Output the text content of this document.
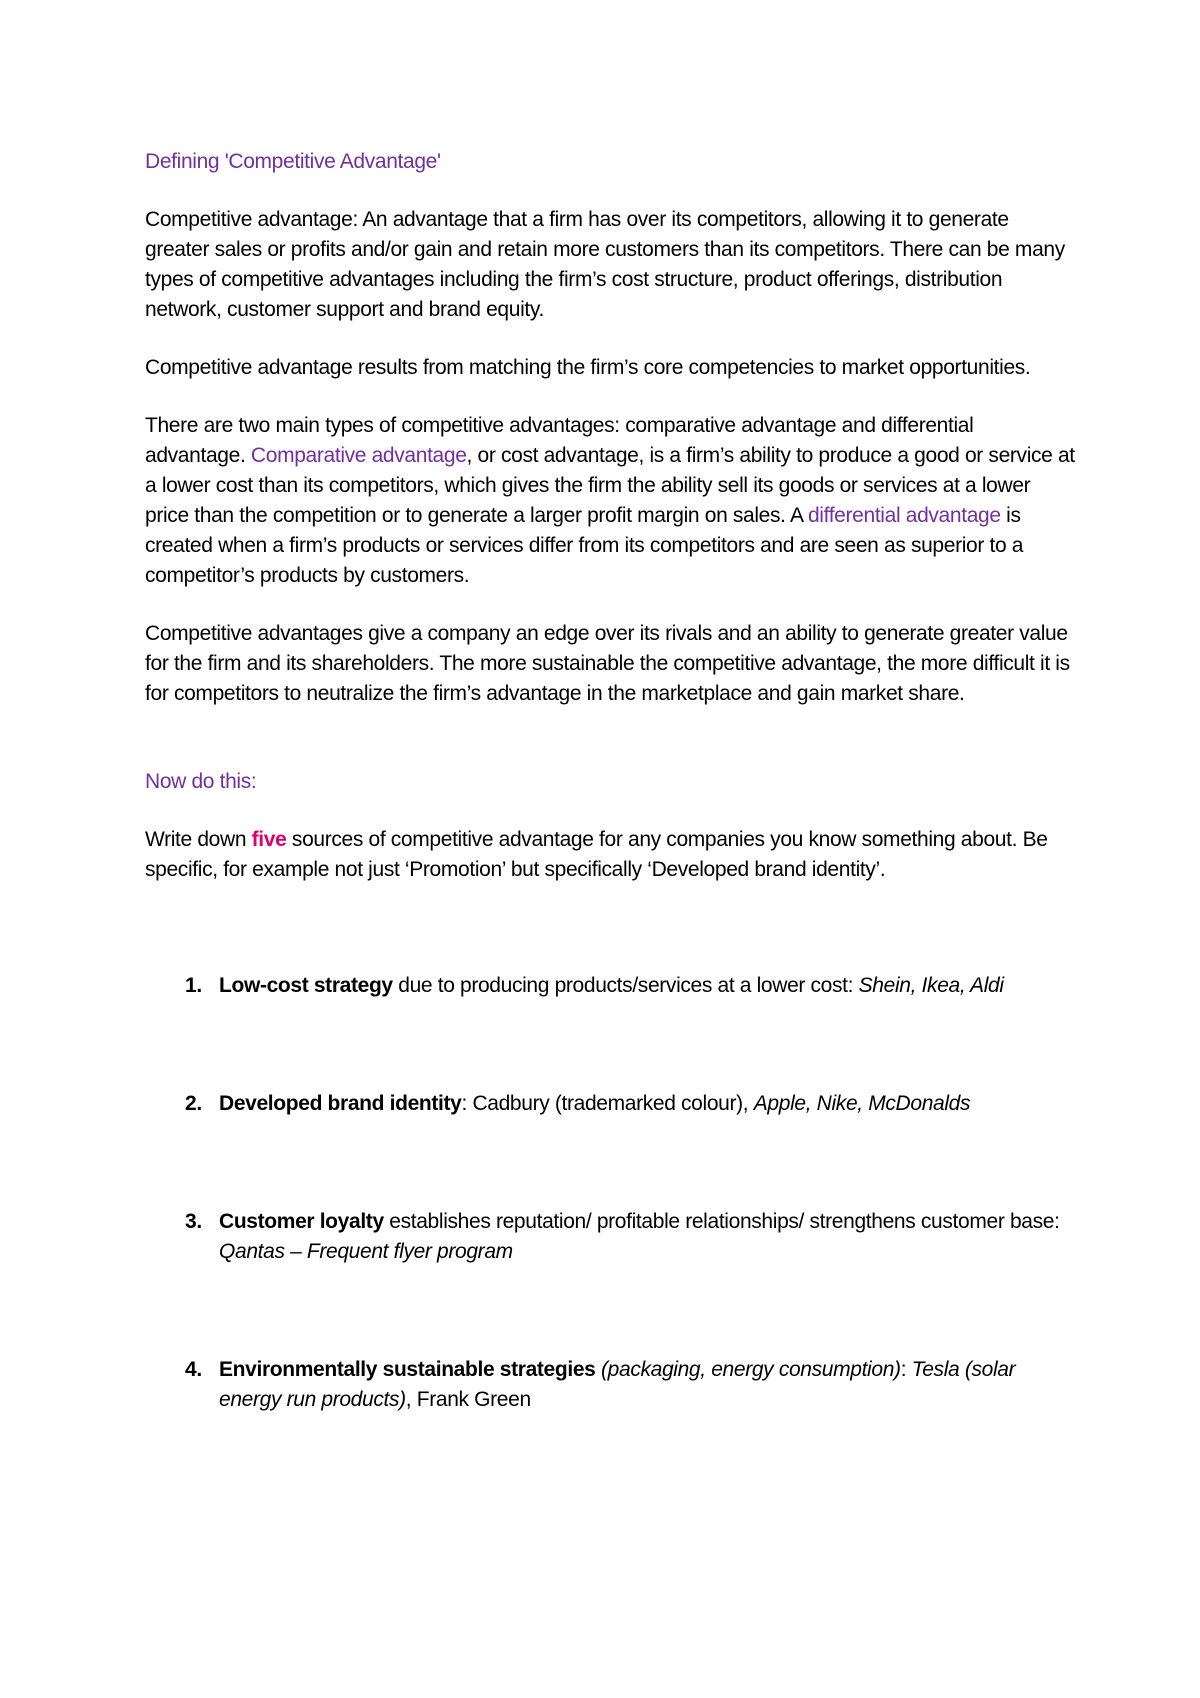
Defining 'Competitive Advantage'

Competitive advantage: An advantage that a firm has over its competitors, allowing it to generate greater sales or profits and/or gain and retain more customers than its competitors. There can be many types of competitive advantages including the firm’s cost structure, product offerings, distribution network, customer support and brand equity.

Competitive advantage results from matching the firm’s core competencies to market opportunities.

There are two main types of competitive advantages: comparative advantage and differential advantage. Comparative advantage, or cost advantage, is a firm’s ability to produce a good or service at a lower cost than its competitors, which gives the firm the ability sell its goods or services at a lower price than the competition or to generate a larger profit margin on sales. A differential advantage is created when a firm’s products or services differ from its competitors and are seen as superior to a competitor’s products by customers.

Competitive advantages give a company an edge over its rivals and an ability to generate greater value for the firm and its shareholders. The more sustainable the competitive advantage, the more difficult it is for competitors to neutralize the firm’s advantage in the marketplace and gain market share.

Now do this:

Write down five sources of competitive advantage for any companies you know something about. Be specific, for example not just ‘Promotion’ but specifically ‘Developed brand identity’.

1. Low-cost strategy due to producing products/services at a lower cost: Shein, Ikea, Aldi
2. Developed brand identity: Cadbury (trademarked colour), Apple, Nike, McDonalds
3. Customer loyalty establishes reputation/ profitable relationships/ strengthens customer base: Qantas – Frequent flyer program
4. Environmentally sustainable strategies (packaging, energy consumption): Tesla (solar energy run products), Frank Green
